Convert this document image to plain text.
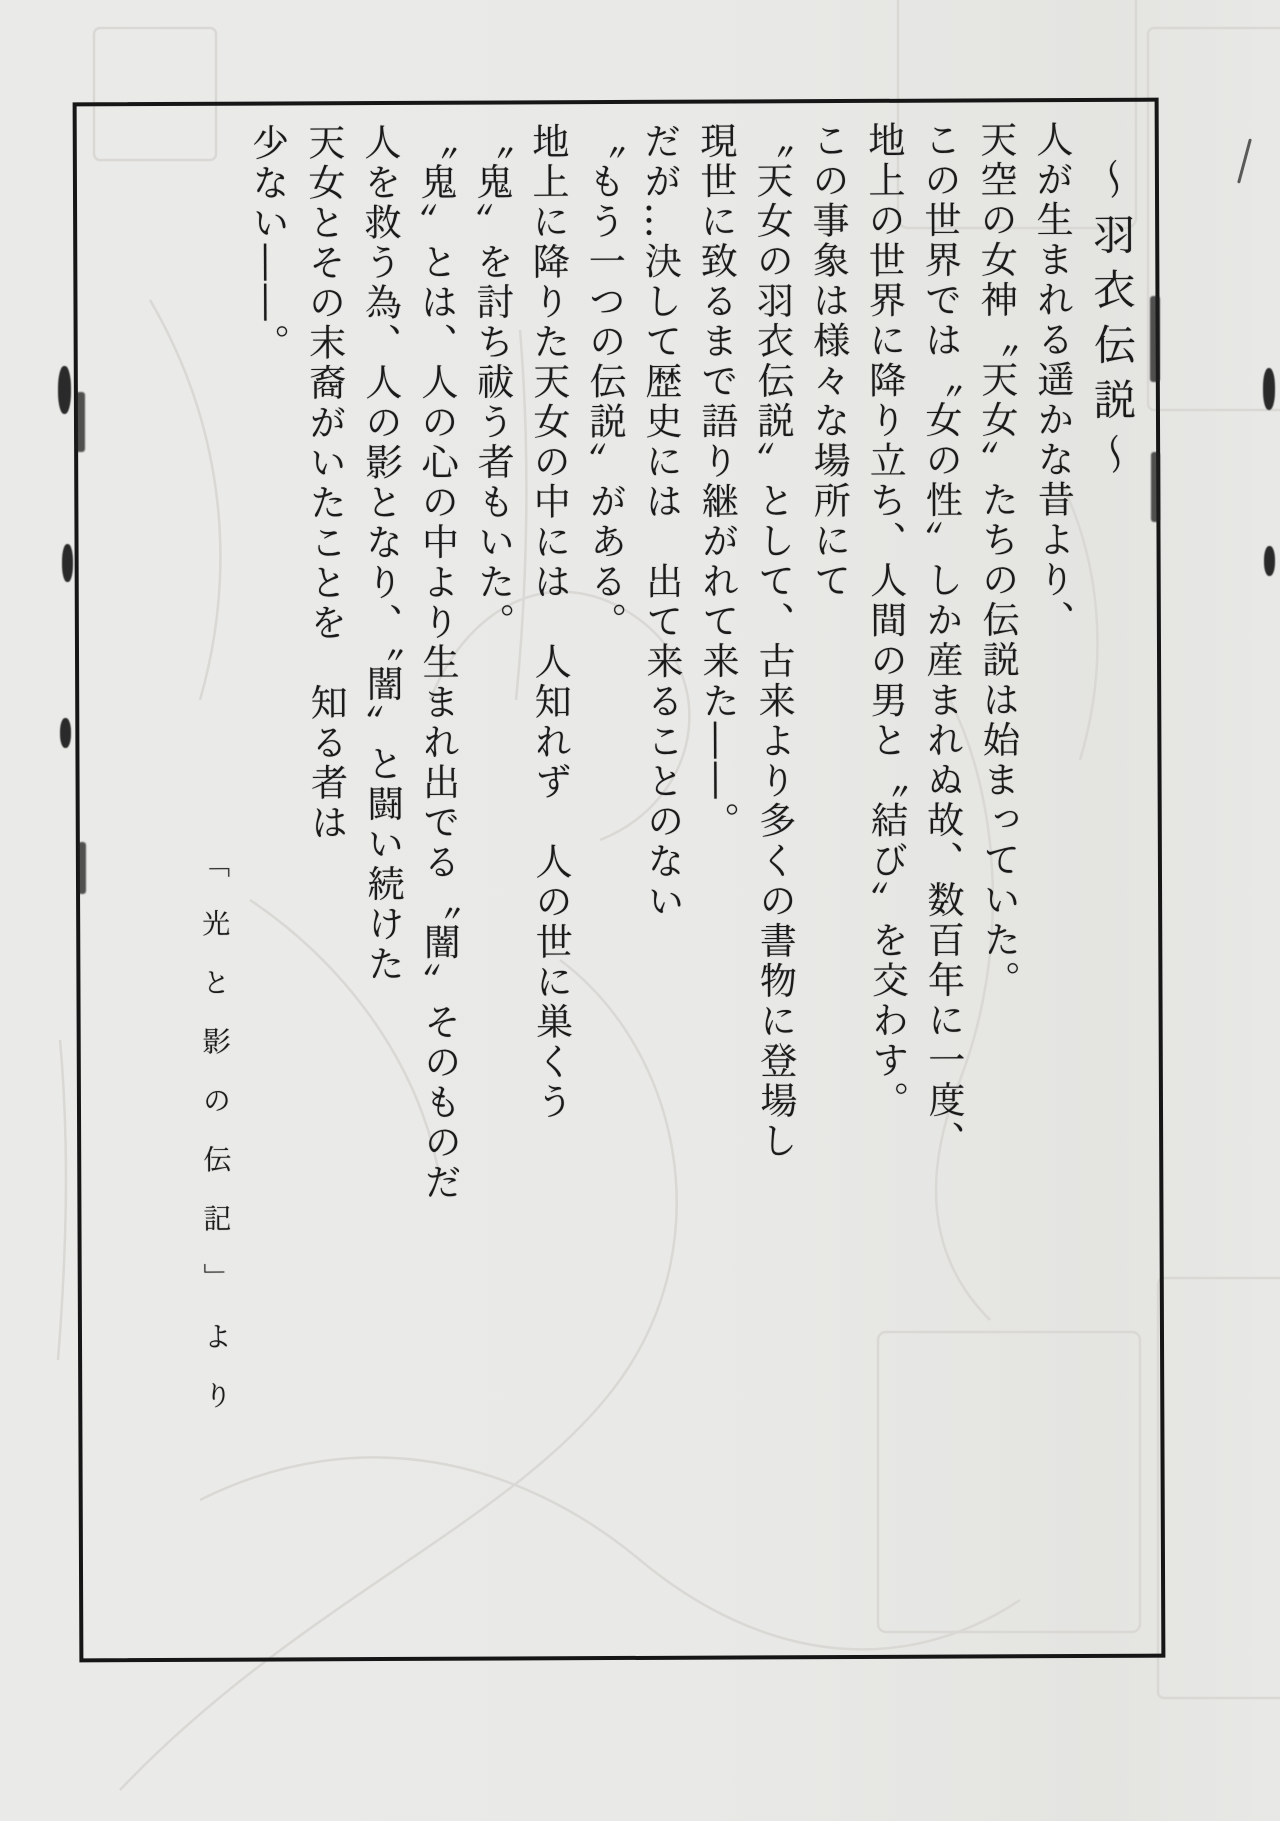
〜羽衣伝説〜

人が生まれる遥かな昔より、

天空の女神〝天女〟たちの伝説は始まっていた。

この世界では〝女の性〟しか産まれぬ故、数百年に一度、

地上の世界に降り立ち、人間の男と〝結び〟を交わす。

この事象は様々な場所にて

〝天女の羽衣伝説〟として、古来より多くの書物に登場し

現世に致るまで語り継がれて来た――。

だが…決して歴史には　出て来ることのない

〝もう一つの伝説〟がある。

地上に降りた天女の中には　人知れず　人の世に巣くう

〝鬼〟を討ち祓う者もいた。

〝鬼〟とは、人の心の中より生まれ出でる〝闇〟そのものだ

人を救う為、人の影となり、〝闇〟と闘い続けた

天女とその末裔がいたことを　知る者は

少ない――。

「光と影の伝記」より
